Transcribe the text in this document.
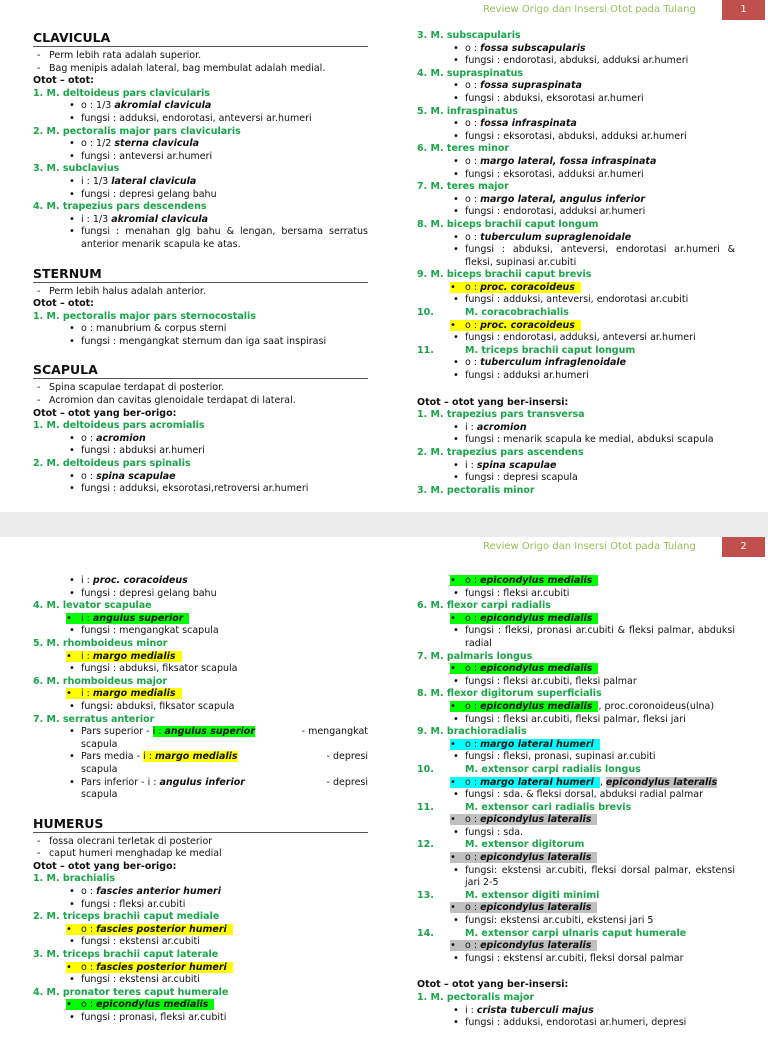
Review Origo dan Insersi Otot pada Tulang	1
CLAVICULA
- Perm lebih rata adalah superior.
- Bag menipis adalah lateral, bag membulat adalah medial.
Otot – otot:
1. M. deltoideus pars clavicularis
• o : 1/3 akromial clavicula
• fungsi : adduksi, endorotasi, anteversi ar.humeri
2. M. pectoralis major pars clavicularis
• o : 1/2 sterna clavicula
• fungsi : anteversi ar.humeri
3. M. subclavius
• i : 1/3 lateral clavicula
• fungsi : depresi gelang bahu
4. M. trapezius pars descendens
• i : 1/3 akromial clavicula
• fungsi : menahan glg bahu & lengan, bersama serratus anterior menarik scapula ke atas.
STERNUM
- Perm lebih halus adalah anterior.
Otot – otot:
1. M. pectoralis major pars sternocostalis
• o : manubrium & corpus sterni
• fungsi : mengangkat sternum dan iga saat inspirasi
SCAPULA
- Spina scapulae terdapat di posterior.
- Acromion dan cavitas glenoidale terdapat di lateral.
Otot – otot yang ber-origo:
1. M. deltoideus pars acromialis
• o : acromion
• fungsi : abduksi ar.humeri
2. M. deltoideus pars spinalis
• o : spina scapulae
• fungsi : adduksi, eksorotasi,retroversi ar.humeri
3. M. subscapularis
• o : fossa subscapularis
• fungsi : endorotasi, abduksi, adduksi ar.humeri
4. M. supraspinatus
• o : fossa supraspinata
• fungsi : abduksi, eksorotasi ar.humeri
5. M. infraspinatus
• o : fossa infraspinata
• fungsi : eksorotasi, abduksi, adduksi ar.humeri
6. M. teres minor
• o : margo lateral, fossa infraspinata
• fungsi : eksorotasi, adduksi ar.humeri
7. M. teres major
• o : margo lateral, angulus inferior
• fungsi : endorotasi, adduksi ar.humeri
8. M. biceps brachii caput longum
• o : tuberculum supraglenoidale
• fungsi : abduksi, anteversi, endorotasi ar.humeri & fleksi, supinasi ar.cubiti
9. M. biceps brachii caput brevis
• o : proc. coracoideus
• fungsi : adduksi, anteversi, endorotasi ar.cubiti
10.	M. coracobrachialis
• o : proc. coracoideus
• fungsi : endorotasi, adduksi, anteversi ar.humeri
11.	M. triceps brachii caput longum
• o : tuberculum infraglenoidale
• fungsi : adduksi ar.humeri
Otot – otot yang ber-insersi:
1. M. trapezius pars transversa
• i : acromion
• fungsi : menarik scapula ke medial, abduksi scapula
2. M. trapezius pars ascendens
• i : spina scapulae
• fungsi : depresi scapula
3. M. pectoralis minor
Review Origo dan Insersi Otot pada Tulang	2
• i : proc. coracoideus
• fungsi : depresi gelang bahu
4. M. levator scapulae
• i : angulus superior
• fungsi : mengangkat scapula
5. M. rhomboideus minor
• i : margo medialis
• fungsi : abduksi, fiksator scapula
6. M. rhomboideus major
• i : margo medialis
• fungsi: abduksi, fiksator scapula
7. M. serratus anterior
• Pars superior - i : angulus superior	- mengangkat
scapula
• Pars media - i : margo medialis	- depresi
scapula
• Pars inferior - i : angulus inferior	- depresi
scapula
HUMERUS
- fossa olecrani terletak di posterior
- caput humeri menghadap ke medial
Otot – otot yang ber-origo:
1. M. brachialis
• o : fascies anterior humeri
• fungsi : fleksi ar.cubiti
2. M. triceps brachii caput mediale
• o : fascies posterior humeri
• fungsi : ekstensi ar.cubiti
3. M. triceps brachii caput laterale
• o : fascies posterior humeri
• fungsi : ekstensi ar.cubiti
4. M. pronator teres caput humerale
• o : epicondylus medialis
• fungsi : pronasi, fleksi ar.cubiti
• o : epicondylus medialis
• fungsi : fleksi ar.cubiti
6. M. flexor carpi radialis
• o : epicondylus medialis
• fungsi : fleksi, pronasi ar.cubiti & fleksi palmar, abduksi radial
7. M. palmaris longus
• o : epicondylus medialis
• fungsi : fleksi ar.cubiti, fleksi palmar
8. M. flexor digitorum superficialis
• o : epicondylus medialis , proc.coronoideus(ulna)
• fungsi : fleksi ar.cubiti, fleksi palmar, fleksi jari
9. M. brachioradialis
• o : margo lateral humeri
• fungsi : fleksi, pronasi, supinasi ar.cubiti
10.	M. extensor carpi radialis longus
• o : margo lateral humeri , epicondylus lateralis
• fungsi : sda. & fleksi dorsal, abduksi radial palmar
11.	M. extensor cari radialis brevis
• o : epicondylus lateralis
• fungsi : sda.
12.	M. extensor digitorum
• o : epicondylus lateralis
• fungsi: ekstensi ar.cubiti, fleksi dorsal palmar, ekstensi jari 2-5
13.	M. extensor digiti minimi
• o : epicondylus lateralis
• fungsi: ekstensi ar.cubiti, ekstensi jari 5
14.	M. extensor carpi ulnaris caput humerale
• o : epicondylus lateralis
• fungsi : ekstensi ar.cubiti, fleksi dorsal palmar
Otot – otot yang ber-insersi:
1. M. pectoralis major
• i : crista tuberculi majus
• fungsi : adduksi, endorotasi ar.humeri, depresi
